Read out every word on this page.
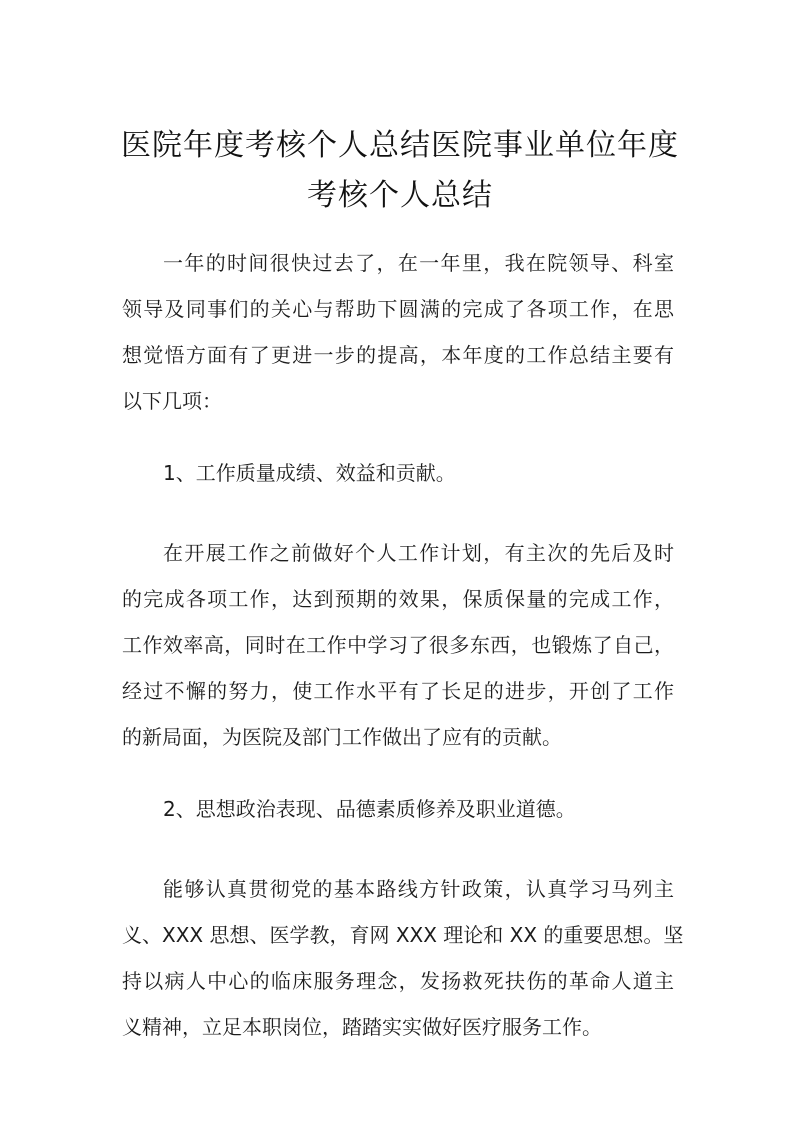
医院年度考核个人总结医院事业单位年度
考核个人总结
一年的时间很快过去了，在一年里，我在院领导、科室
领导及同事们的关心与帮助下圆满的完成了各项工作，在思
想觉悟方面有了更进一步的提高，本年度的工作总结主要有
以下几项：
1、工作质量成绩、效益和贡献。
在开展工作之前做好个人工作计划，有主次的先后及时
的完成各项工作，达到预期的效果，保质保量的完成工作，
工作效率高，同时在工作中学习了很多东西，也锻炼了自己，
经过不懈的努力，使工作水平有了长足的进步，开创了工作
的新局面，为医院及部门工作做出了应有的贡献。
2、思想政治表现、品德素质修养及职业道德。
能够认真贯彻党的基本路线方针政策，认真学习马列主
义、XXX 思想、医学教，育网 XXX 理论和 XX 的重要思想。坚
持以病人中心的临床服务理念，发扬救死扶伤的革命人道主
义精神，立足本职岗位，踏踏实实做好医疗服务工作。
